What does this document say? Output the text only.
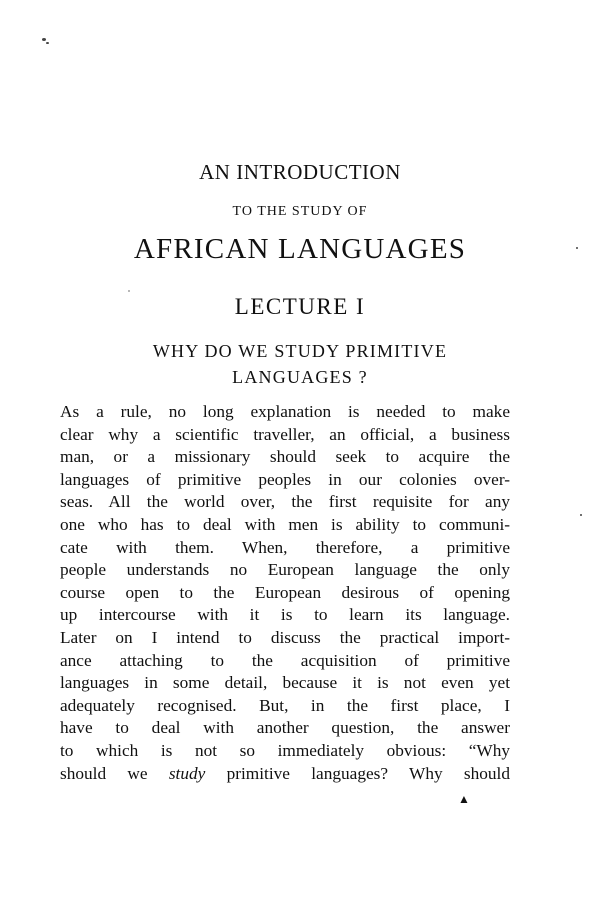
AN INTRODUCTION
TO THE STUDY OF
AFRICAN LANGUAGES
LECTURE I
WHY DO WE STUDY PRIMITIVE
LANGUAGES ?
As a rule, no long explanation is needed to make
clear why a scientific traveller, an official, a business
man, or a missionary should seek to acquire the
languages of primitive peoples in our colonies over-
seas. All the world over, the first requisite for any
one who has to deal with men is ability to communi-
cate with them. When, therefore, a primitive
people understands no European language the only
course open to the European desirous of opening
up intercourse with it is to learn its language.
Later on I intend to discuss the practical import-
ance attaching to the acquisition of primitive
languages in some detail, because it is not even yet
adequately recognised. But, in the first place, I
have to deal with another question, the answer
to which is not so immediately obvious: “Why
should we study primitive languages? Why should
▲
